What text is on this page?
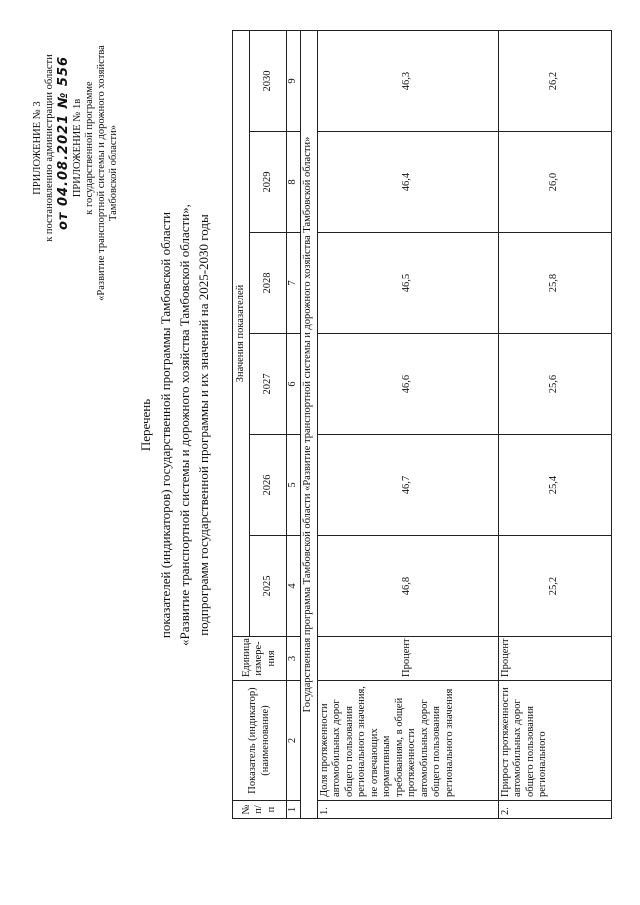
ПРИЛОЖЕНИЕ № 3 к постановлению администрации области от 04.08.2021 № 556 ПРИЛОЖЕНИЕ № 1в к государственной программе «Развитие транспортной системы и дорожного хозяйства Тамбовской области»
Перечень показателей (индикаторов) государственной программы Тамбовской области «Развитие транспортной системы и дорожного хозяйства Тамбовской области», подпрограмм государственной программы и их значений на 2025-2030 годы
№ п/п	Показатель (индикатор) (наименование)	Единица измере-ния	Значения показателей					
			2025	2026	2027	2028	2029	2030
1	2	3	4	5	6	7	8	9
Государственная программа Тамбовской области «Развитие транспортной системы и дорожного хозяйства Тамбовской области»								
1.	Доля протяженности автомобильных дорог общего пользования регионального значения, не отвечающих нормативным требованиям, в общей протяженности автомобильных дорог общего пользования регионального значения	Процент	46,8	46,7	46,6	46,5	46,4	46,3
2.	Прирост протяженности автомобильных дорог общего пользования регионального	Процент	25,2	25,4	25,6	25,8	26,0	26,2
